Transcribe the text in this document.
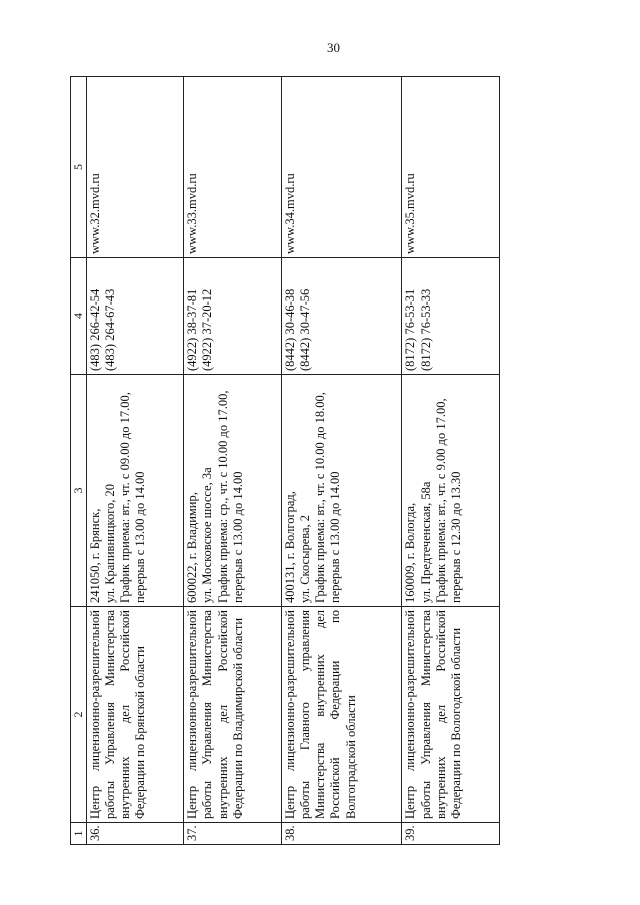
30
1	2	3	4	5
36.	Центр лицензионно-разрешительной работы Управления Министерства внутренних дел Российской Федерации по Брянской области	241050, г. Брянск, ул. Крапивницкого, 20 График приема: вт., чт. с 09.00 до 17.00, перерыв с 13.00 до 14.00	(483) 266-42-54 (483) 264-67-43	www.32.mvd.ru
37.	Центр лицензионно-разрешительной работы Управления Министерства внутренних дел Российской Федерации по Владимирской области	600022, г. Владимир, ул. Московское шоссе, 3а График приема: ср., чт. с 10.00 до 17.00, перерыв с 13.00 до 14.00	(4922) 38-37-81 (4922) 37-20-12	www.33.mvd.ru
38.	Центр лицензионно-разрешительной работы Главного управления Министерства внутренних дел Российской Федерации по Волгоградской области	400131, г. Волгоград, ул. Скосырева, 2 График приема: вт., чт. с 10.00 до 18.00, перерыв с 13.00 до 14.00	(8442) 30-46-38 (8442) 30-47-56	www.34.mvd.ru
39.	Центр лицензионно-разрешительной работы Управления Министерства внутренних дел Российской Федерации по Вологодской области	160009, г. Вологда, ул. Предтеченская, 58а График приема: вт., чт. с 9.00 до 17.00, перерыв с 12.30 до 13.30	(8172) 76-53-31 (8172) 76-53-33	www.35.mvd.ru
